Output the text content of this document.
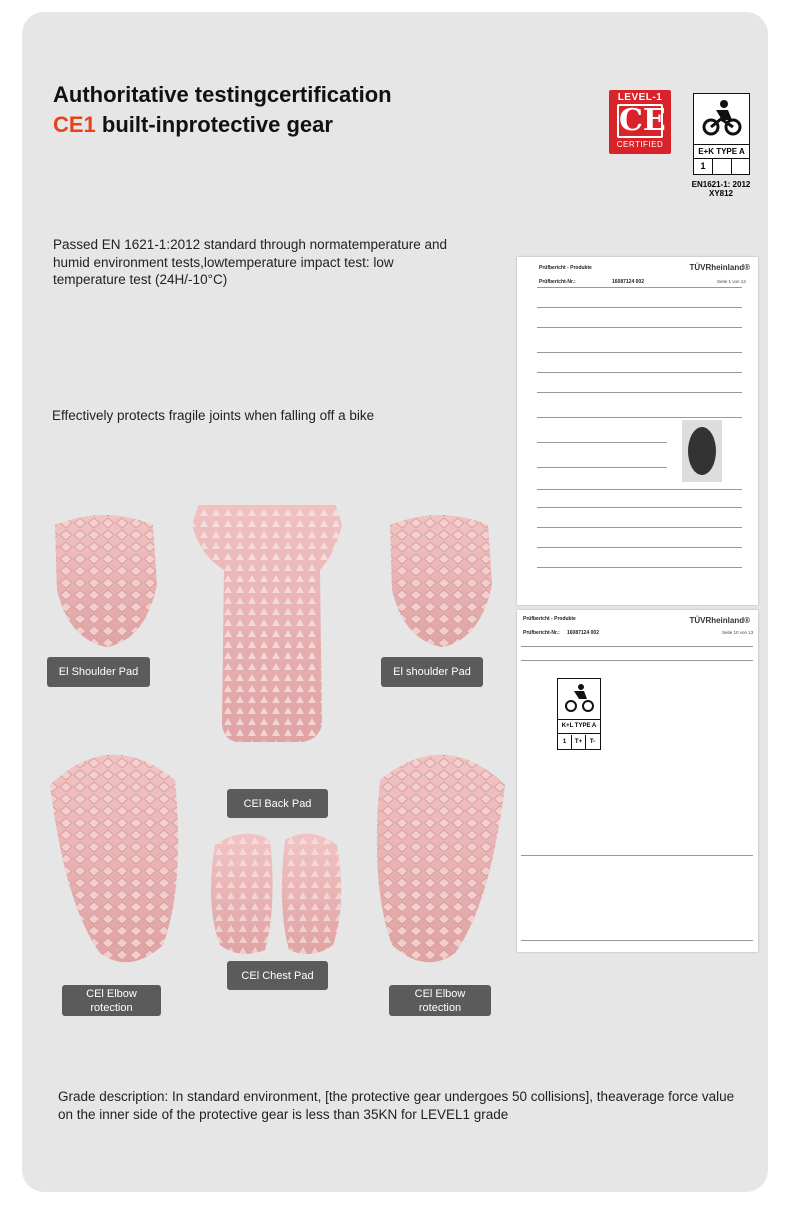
Authoritative testingcertification
CE1 built-inprotective gear
LEVEL-1
CE
CERTIFIED
E+K TYPE A
1
EN1621-1: 2012
XY812
Passed EN 1621-1:2012 standard through normatemperature and humid environment tests,lowtemperature impact test: low temperature test (24H/-10°C)
Effectively protects fragile joints when falling off a bike
El Shoulder Pad	El shoulder Pad
CEl Back Pad
CEl Chest Pad
CEl Elbow rotection
CEl Elbow rotection
Prüfbericht - Produkte	TÜVRheinland®
Prüfbericht-Nr.:	16087124 002	Seite 1 von 13
Prüfbericht - Produkte	TÜVRheinland®
Prüfbericht-Nr.: 16087124 002	Seite 10 von 13
K+L TYPE A
1	T+	T-
Grade description: In standard environment, [the protective gear undergoes 50 collisions], theaverage force value on the inner side of the protective gear is less than 35KN for LEVEL1 grade
